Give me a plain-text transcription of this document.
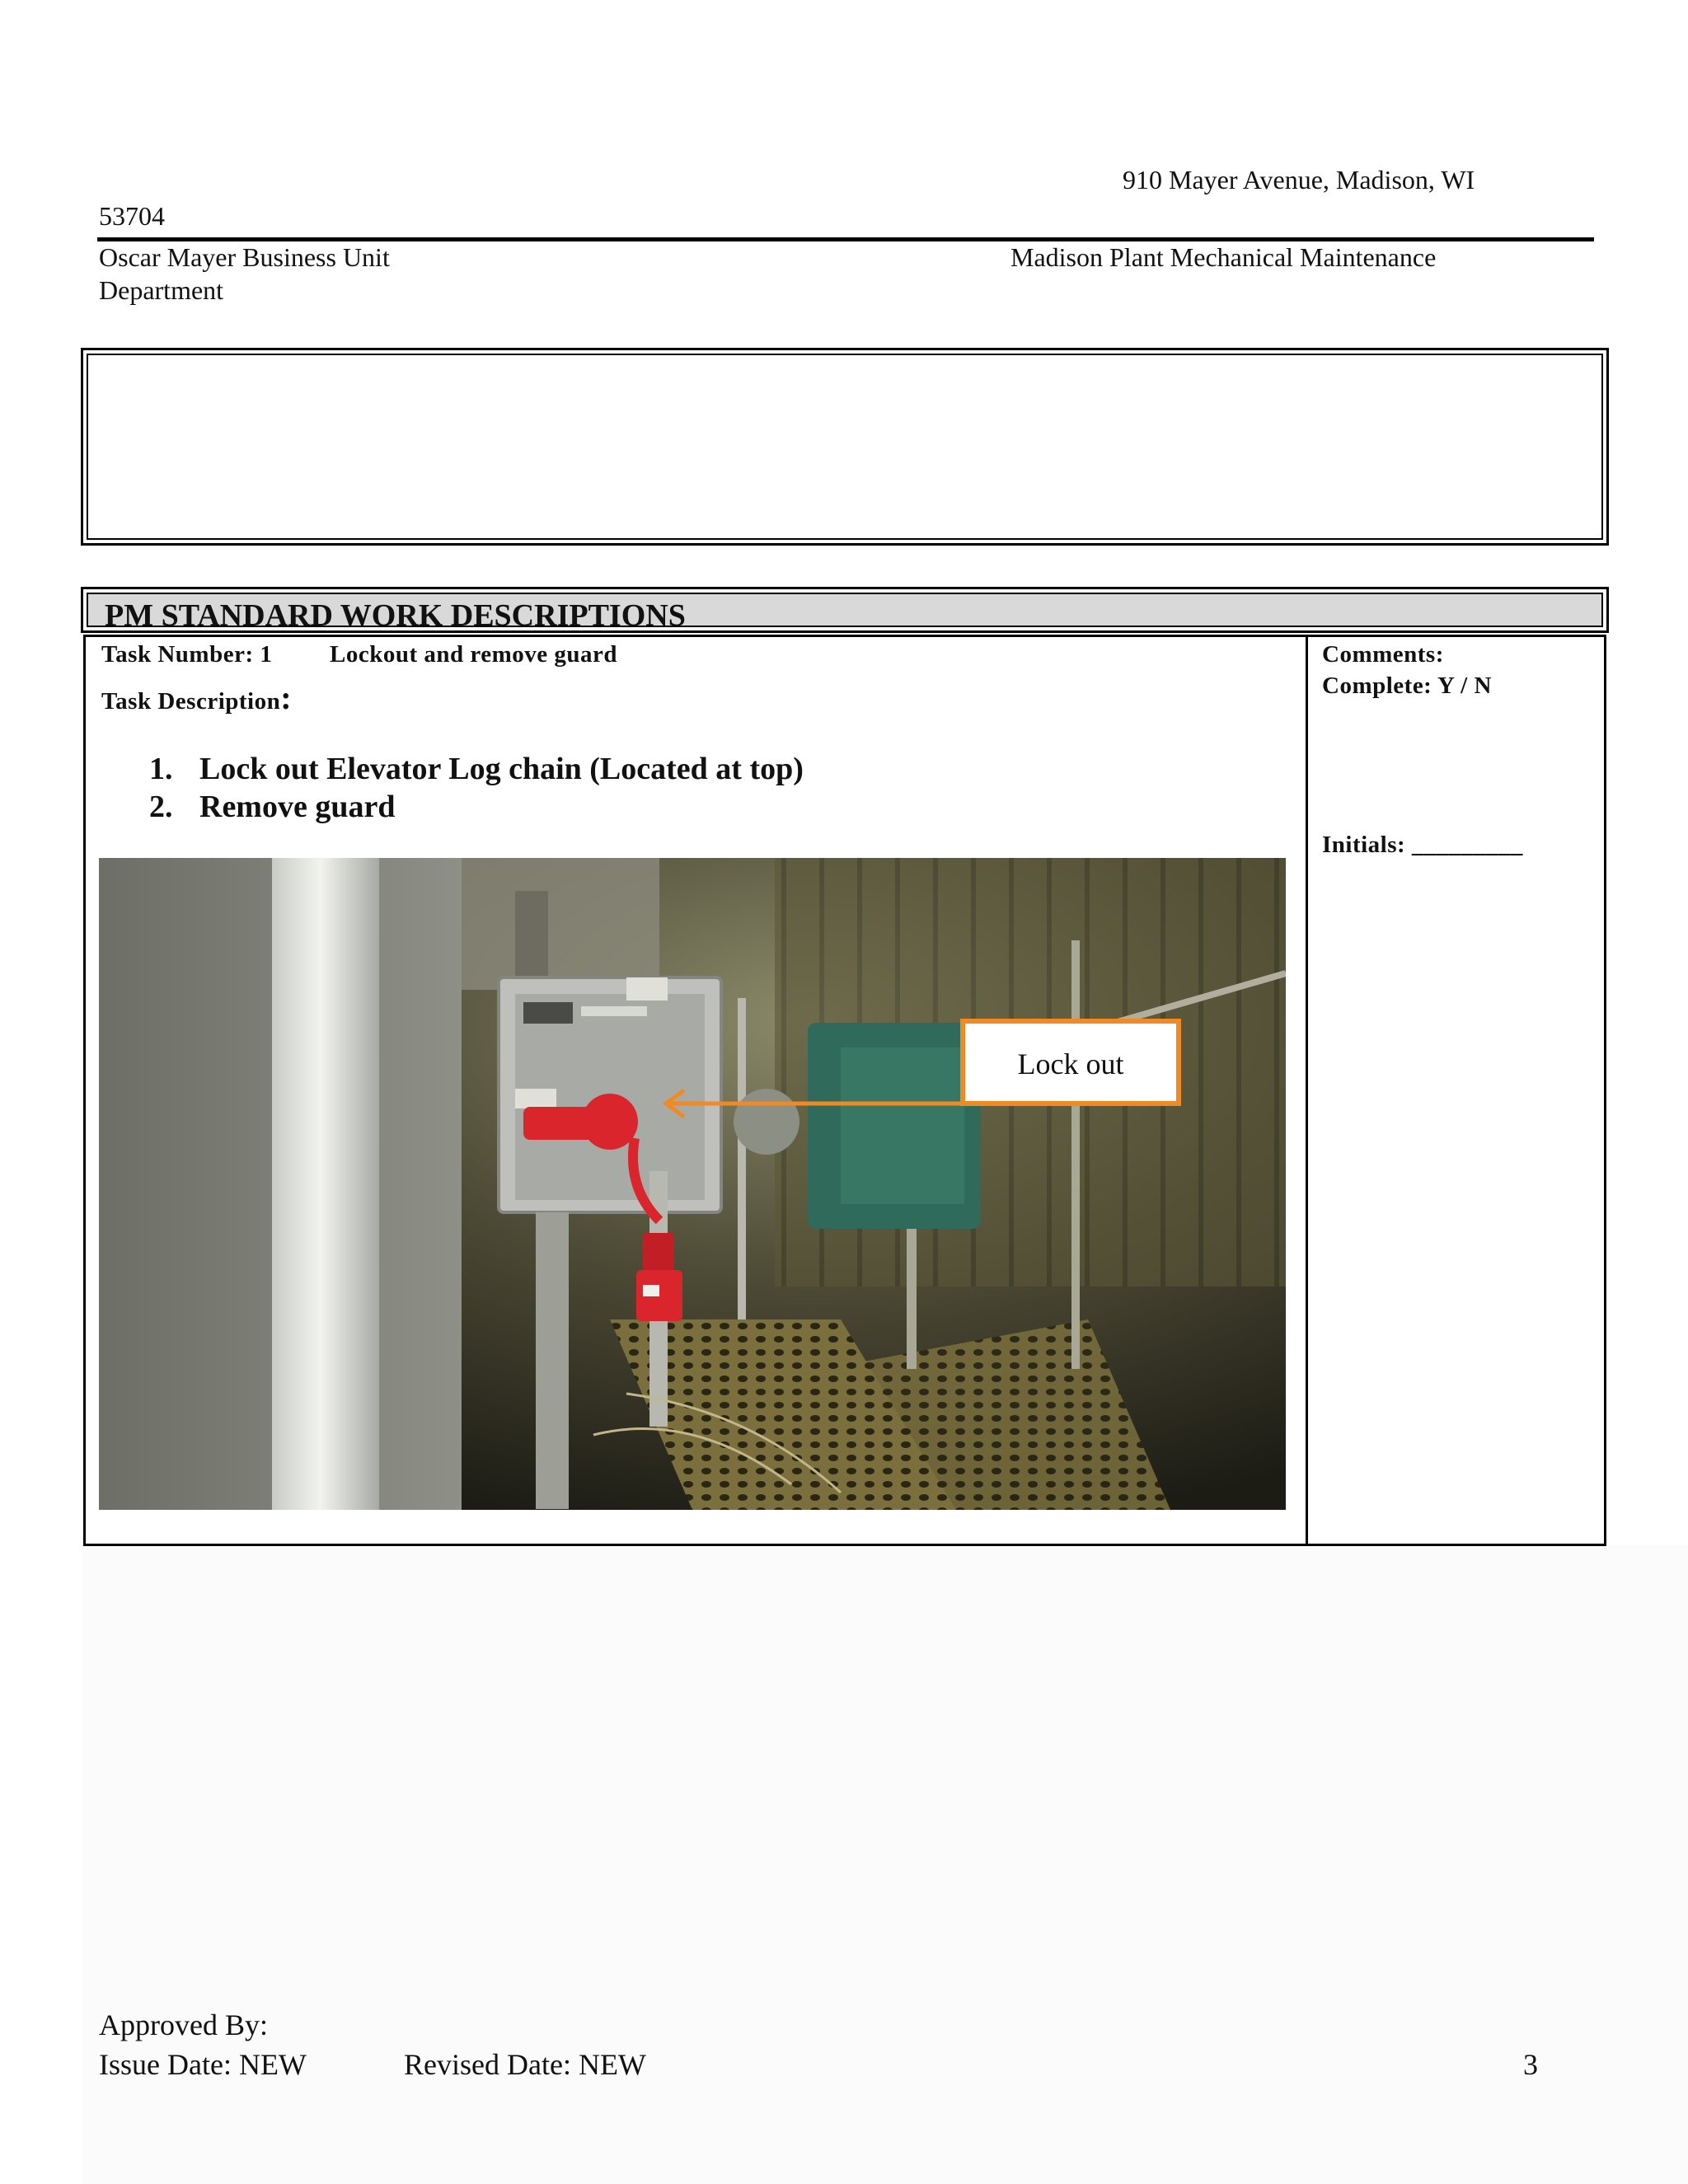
910 Mayer Avenue, Madison, WI
53704
Oscar Mayer Business Unit	Madison Plant Mechanical Maintenance
Department
PM STANDARD WORK DESCRIPTIONS
Task Number: 1 Lockout and remove guard
Task Description:
1. Lock out Elevator Log chain (Located at top)
2. Remove guard
Comments:
Complete: Y / N
Initials: _________
Lock out
Approved By:
Issue Date: NEW	Revised Date: NEW	3
